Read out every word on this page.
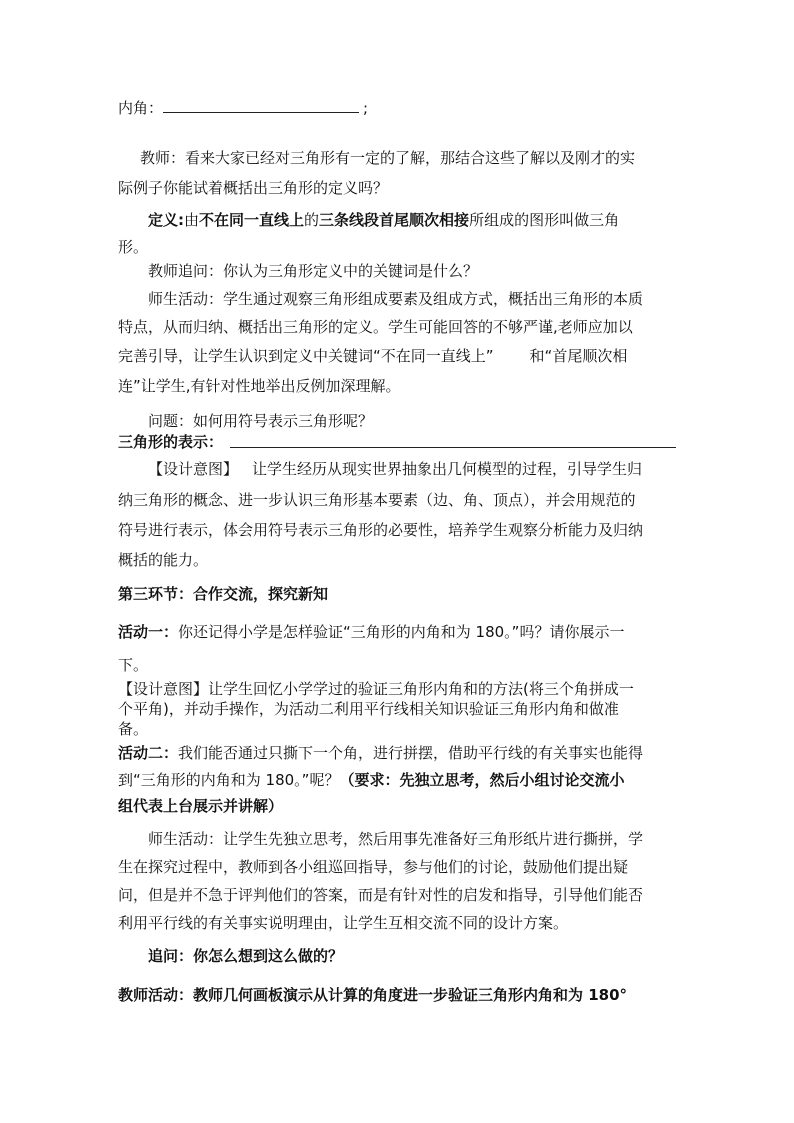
内角：	;
教师：看来大家已经对三角形有一定的了解，那结合这些了解以及刚才的实
际例子你能试着概括出三角形的定义吗？
定义:由不在同一直线上的三条线段首尾顺次相接所组成的图形叫做三角
形。
教师追问：你认为三角形定义中的关键词是什么？
师生活动：学生通过观察三角形组成要素及组成方式，概括出三角形的本质
特点，从而归纳、概括出三角形的定义。学生可能回答的不够严谨,老师应加以
完善引导，让学生认识到定义中关键词“不在同一直线上” 和“首尾顺次相
连”让学生,有针对性地举出反例加深理解。
问题：如何用符号表示三角形呢？
三角形的表示：
【设计意图】 让学生经历从现实世界抽象出几何模型的过程，引导学生归
纳三角形的概念、进一步认识三角形基本要素（边、角、顶点），并会用规范的
符号进行表示，体会用符号表示三角形的必要性，培养学生观察分析能力及归纳
概括的能力。
第三环节：合作交流，探究新知
活动一：你还记得小学是怎样验证“三角形的内角和为 180。”吗？请你展示一
下。
【设计意图】让学生回忆小学学过的验证三角形内角和的方法(将三个角拼成一
个平角)，并动手操作，为活动二利用平行线相关知识验证三角形内角和做准
备。
活动二：我们能否通过只撕下一个角，进行拼摆，借助平行线的有关事实也能得
到“三角形的内角和为 180。”呢？（要求：先独立思考，然后小组讨论交流小
组代表上台展示并讲解）
师生活动：让学生先独立思考，然后用事先准备好三角形纸片进行撕拼，学
生在探究过程中，教师到各小组巡回指导，参与他们的讨论，鼓励他们提出疑
问，但是并不急于评判他们的答案，而是有针对性的启发和指导，引导他们能否
利用平行线的有关事实说明理由，让学生互相交流不同的设计方案。
追问：你怎么想到这么做的？
教师活动：教师几何画板演示从计算的角度进一步验证三角形内角和为 180°
